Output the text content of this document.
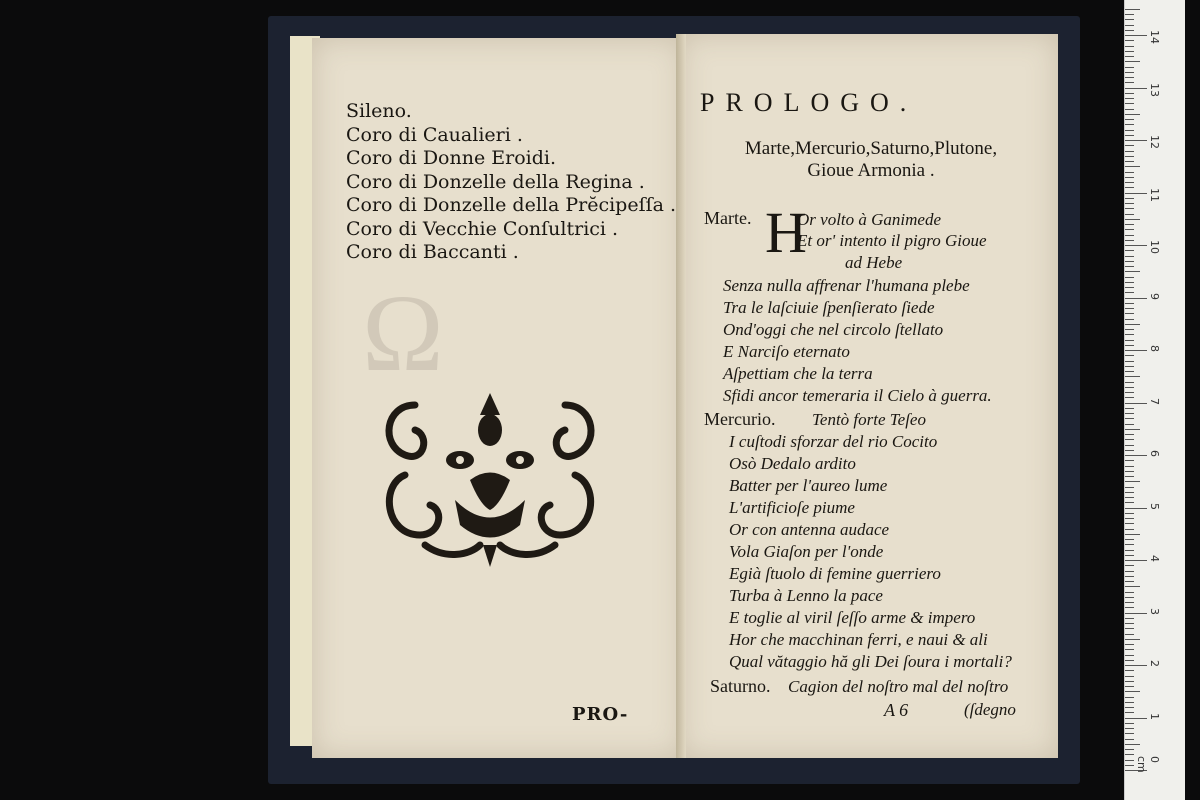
Ω
Sileno.
Coro di Caualieri .
Coro di Donne Eroidi.
Coro di Donzelle della Regina .
Coro di Donzelle della Prĕcipeſſa .
Coro di Vecchie Conſultrici .
Coro di Baccanti .
PRO-
PROLOGO.
Marte,Mercurio,Saturno,Plutone,
Gioue Armonia .
Marte. H
Or volto à Ganimede
Et or' intento il pigro Gioue
ad Hebe
Senza nulla affrenar l'humana plebe
Tra le laſciuie ſpenſierato ſiede
Ond'oggi che nel circolo ſtellato
E Narciſo eternato
Aſpettiam che la terra
Sfidi ancor temeraria il Cielo à guerra.
Mercurio. Tentò forte Teſeo
I cuſtodi sforzar del rio Cocito
Osò Dedalo ardito
Batter per l'aureo lume
L'artificioſe piume
Or con antenna audace
Vola Giaſon per l'onde
Egià ſtuolo di femine guerriero
Turba à Lenno la pace
E toglie al viril ſeſſo arme & impero
Hor che macchinan ferri, e naui & ali
Qual vătaggio hă gli Dei ſoura i mortali?
Saturno. Cagion del noſtro mal del noſtro
A 6	(ſdegno
0 cm
1
2
3
4
5
6
7
8
9
10
11
12
13
14
